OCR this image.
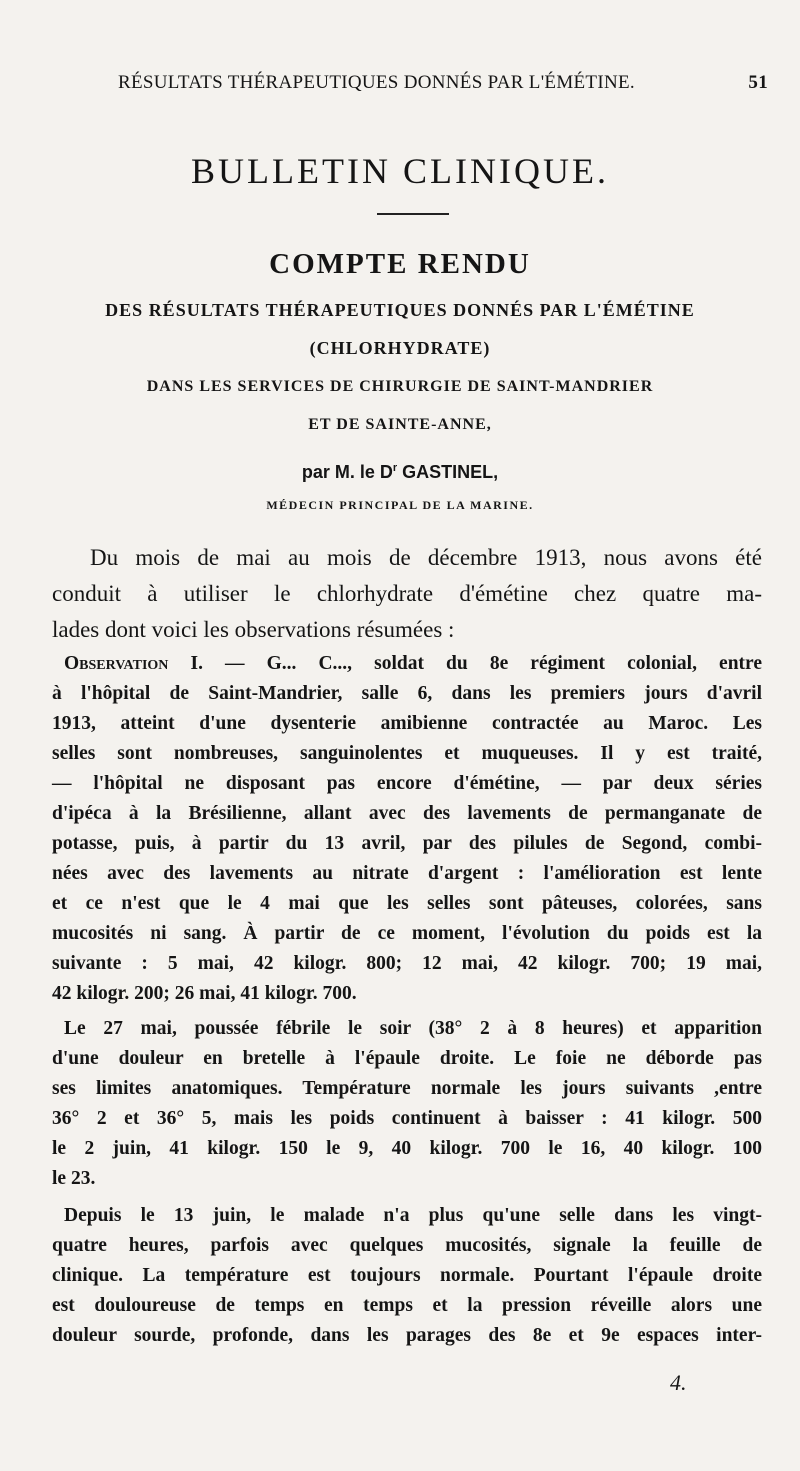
RÉSULTATS THÉRAPEUTIQUES DONNÉS PAR L'ÉMÉTINE.	51
BULLETIN CLINIQUE.
COMPTE RENDU
DES RÉSULTATS THÉRAPEUTIQUES DONNÉS PAR L'ÉMÉTINE
(CHLORHYDRATE)
DANS LES SERVICES DE CHIRURGIE DE SAINT-MANDRIER
ET DE SAINTE-ANNE,
par M. le $D^r$ GASTINEL,
MÉDECIN PRINCIPAL DE LA MARINE.
Du mois de mai au mois de décembre 1913, nous avons été
conduit à utiliser le chlorhydrate d'émétine chez quatre ma-
lades dont voici les observations résumées :
Observation I. — G... C..., soldat du 8e régiment colonial, entre
à l'hôpital de Saint-Mandrier, salle 6, dans les premiers jours d'avril
1913, atteint d'une dysenterie amibienne contractée au Maroc. Les
selles sont nombreuses, sanguinolentes et muqueuses. Il y est traité,
— l'hôpital ne disposant pas encore d'émétine, — par deux séries
d'ipéca à la Brésilienne, allant avec des lavements de permanganate de
potasse, puis, à partir du 13 avril, par des pilules de Segond, combi-
nées avec des lavements au nitrate d'argent : l'amélioration est lente
et ce n'est que le 4 mai que les selles sont pâteuses, colorées, sans
mucosités ni sang. À partir de ce moment, l'évolution du poids est la
suivante : 5 mai, 42 kilogr. 800; 12 mai, 42 kilogr. 700; 19 mai,
42 kilogr. 200; 26 mai, 41 kilogr. 700.
Le 27 mai, poussée fébrile le soir (38° 2 à 8 heures) et apparition
d'une douleur en bretelle à l'épaule droite. Le foie ne déborde pas
ses limites anatomiques. Température normale les jours suivants ,entre
36° 2 et 36° 5, mais les poids continuent à baisser : 41 kilogr. 500
le 2 juin, 41 kilogr. 150 le 9, 40 kilogr. 700 le 16, 40 kilogr. 100
le 23.
Depuis le 13 juin, le malade n'a plus qu'une selle dans les vingt-
quatre heures, parfois avec quelques mucosités, signale la feuille de
clinique. La température est toujours normale. Pourtant l'épaule droite
est douloureuse de temps en temps et la pression réveille alors une
douleur sourde, profonde, dans les parages des 8e et 9e espaces inter-
4.
